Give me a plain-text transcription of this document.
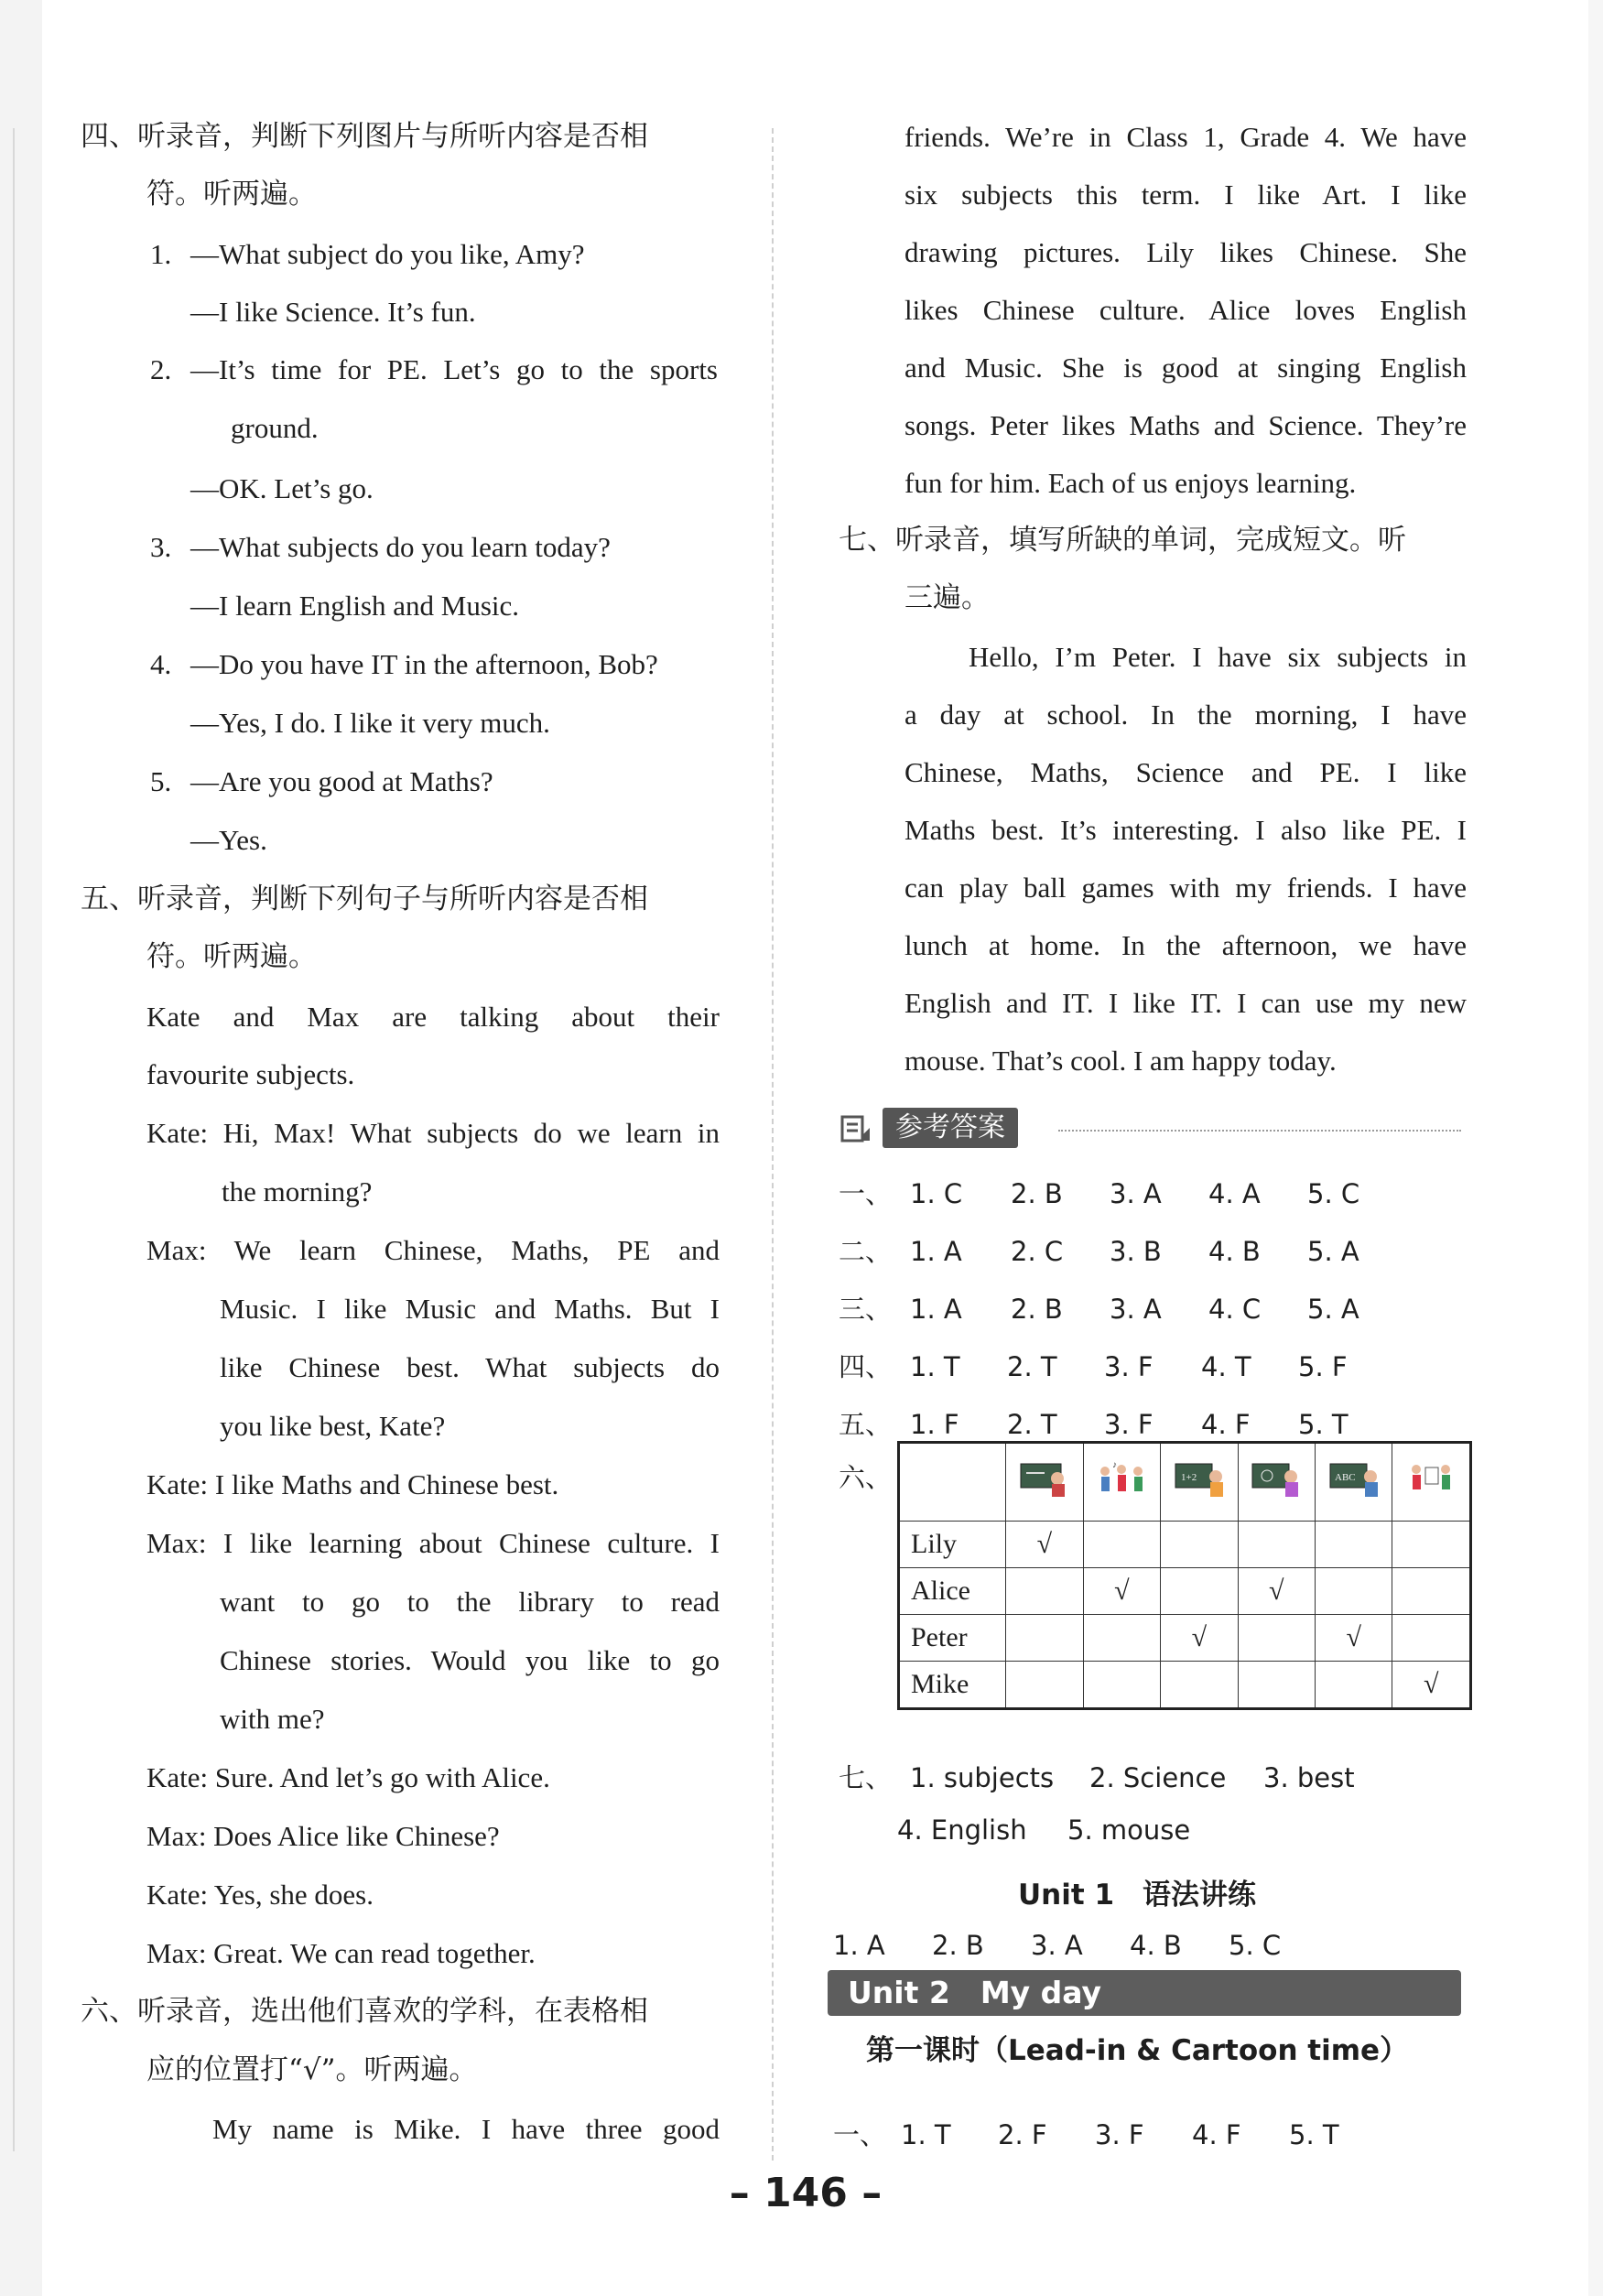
四、听录音，判断下列图片与所听内容是否相
符。听两遍。
1. —What subject do you like, Amy?
—I like Science. It’s fun.
2. —It’s time for PE. Let’s go to the sports
ground.
—OK. Let’s go.
3. —What subjects do you learn today?
—I learn English and Music.
4. —Do you have IT in the afternoon, Bob?
—Yes, I do. I like it very much.
5. —Are you good at Maths?
—Yes.
五、听录音，判断下列句子与所听内容是否相
符。听两遍。
Kate and Max are talking about their
favourite subjects.
Kate: Hi, Max! What subjects do we learn in
the morning?
Max: We learn Chinese, Maths, PE and
Music. I like Music and Maths. But I
like Chinese best. What subjects do
you like best, Kate?
Kate: I like Maths and Chinese best.
Max: I like learning about Chinese culture. I
want to go to the library to read
Chinese stories. Would you like to go
with me?
Kate: Sure. And let’s go with Alice.
Max: Does Alice like Chinese?
Kate: Yes, she does.
Max: Great. We can read together.
六、听录音，选出他们喜欢的学科，在表格相
应的位置打“√”。听两遍。
My name is Mike. I have three good
friends. We’re in Class 1, Grade 4. We have
six subjects this term. I like Art. I like
drawing pictures. Lily likes Chinese. She
likes Chinese culture. Alice loves English
and Music. She is good at singing English
songs. Peter likes Maths and Science. They’re
fun for him. Each of us enjoys learning.
七、听录音，填写所缺的单词，完成短文。听
三遍。
Hello, I’m Peter. I have six subjects in
a day at school. In the morning, I have
Chinese, Maths, Science and PE. I like
Maths best. It’s interesting. I also like PE. I
can play ball games with my friends. I have
lunch at home. In the afternoon, we have
English and IT. I like IT. I can use my new
mouse. That’s cool. I am happy today.
参考答案
一、 1. C 2. B 3. A 4. A 5. C
二、 1. A 2. C 3. B 4. B 5. A
三、 1. A 2. B 3. A 4. C 5. A
四、 1. T 2. T 3. F 4. T 5. F
五、 1. F 2. T 3. F 4. F 5. T
六、
			♪	1+2		ABC

Lily	√					
Alice		√		√		
Peter			√		√	
Mike						√
七、 1. subjects 2. Science 3. best
4. English 5. mouse
Unit 1　语法讲练
1. A 2. B 3. A 4. B 5. C
Unit 2　My day
第一课时（Lead-in & Cartoon time）
一、 1. T 2. F 3. F 4. F 5. T
– 146 –
